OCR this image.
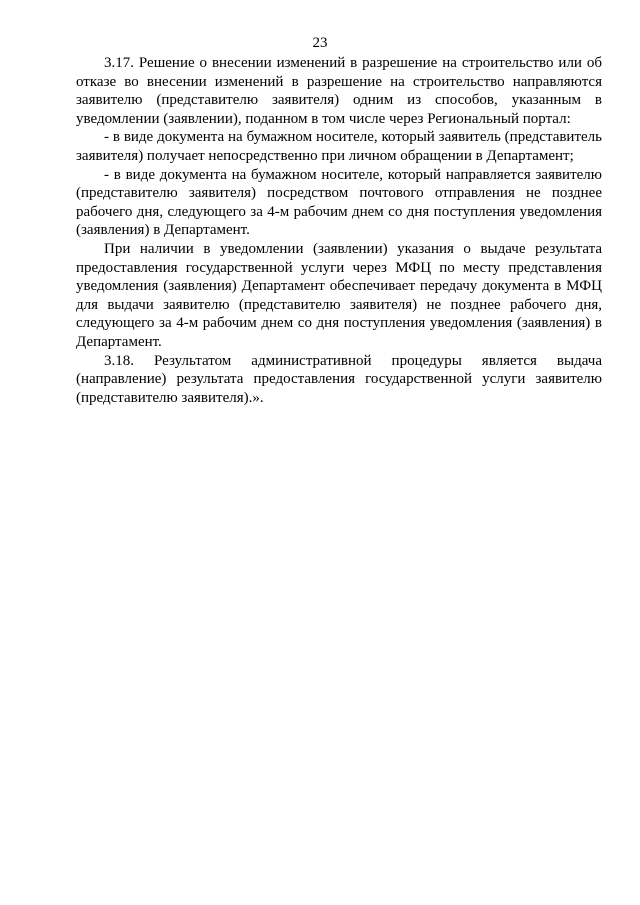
23

3.17. Решение о внесении изменений в разрешение на строительство или об отказе во внесении изменений в разрешение на строительство направляются заявителю (представителю заявителя) одним из способов, указанным в уведомлении (заявлении), поданном в том числе через Региональный портал:

- в виде документа на бумажном носителе, который заявитель (представитель заявителя) получает непосредственно при личном обращении в Департамент;

- в виде документа на бумажном носителе, который направляется заявителю (представителю заявителя) посредством почтового отправления не позднее рабочего дня, следующего за 4-м рабочим днем со дня поступления уведомления (заявления) в Департамент.

При наличии в уведомлении (заявлении) указания о выдаче результата предоставления государственной услуги через МФЦ по месту представления уведомления (заявления) Департамент обеспечивает передачу документа в МФЦ для выдачи заявителю (представителю заявителя) не позднее рабочего дня, следующего за 4-м рабочим днем со дня поступления уведомления (заявления) в Департамент.

3.18. Результатом административной процедуры является выдача (направление) результата предоставления государственной услуги заявителю (представителю заявителя).».
